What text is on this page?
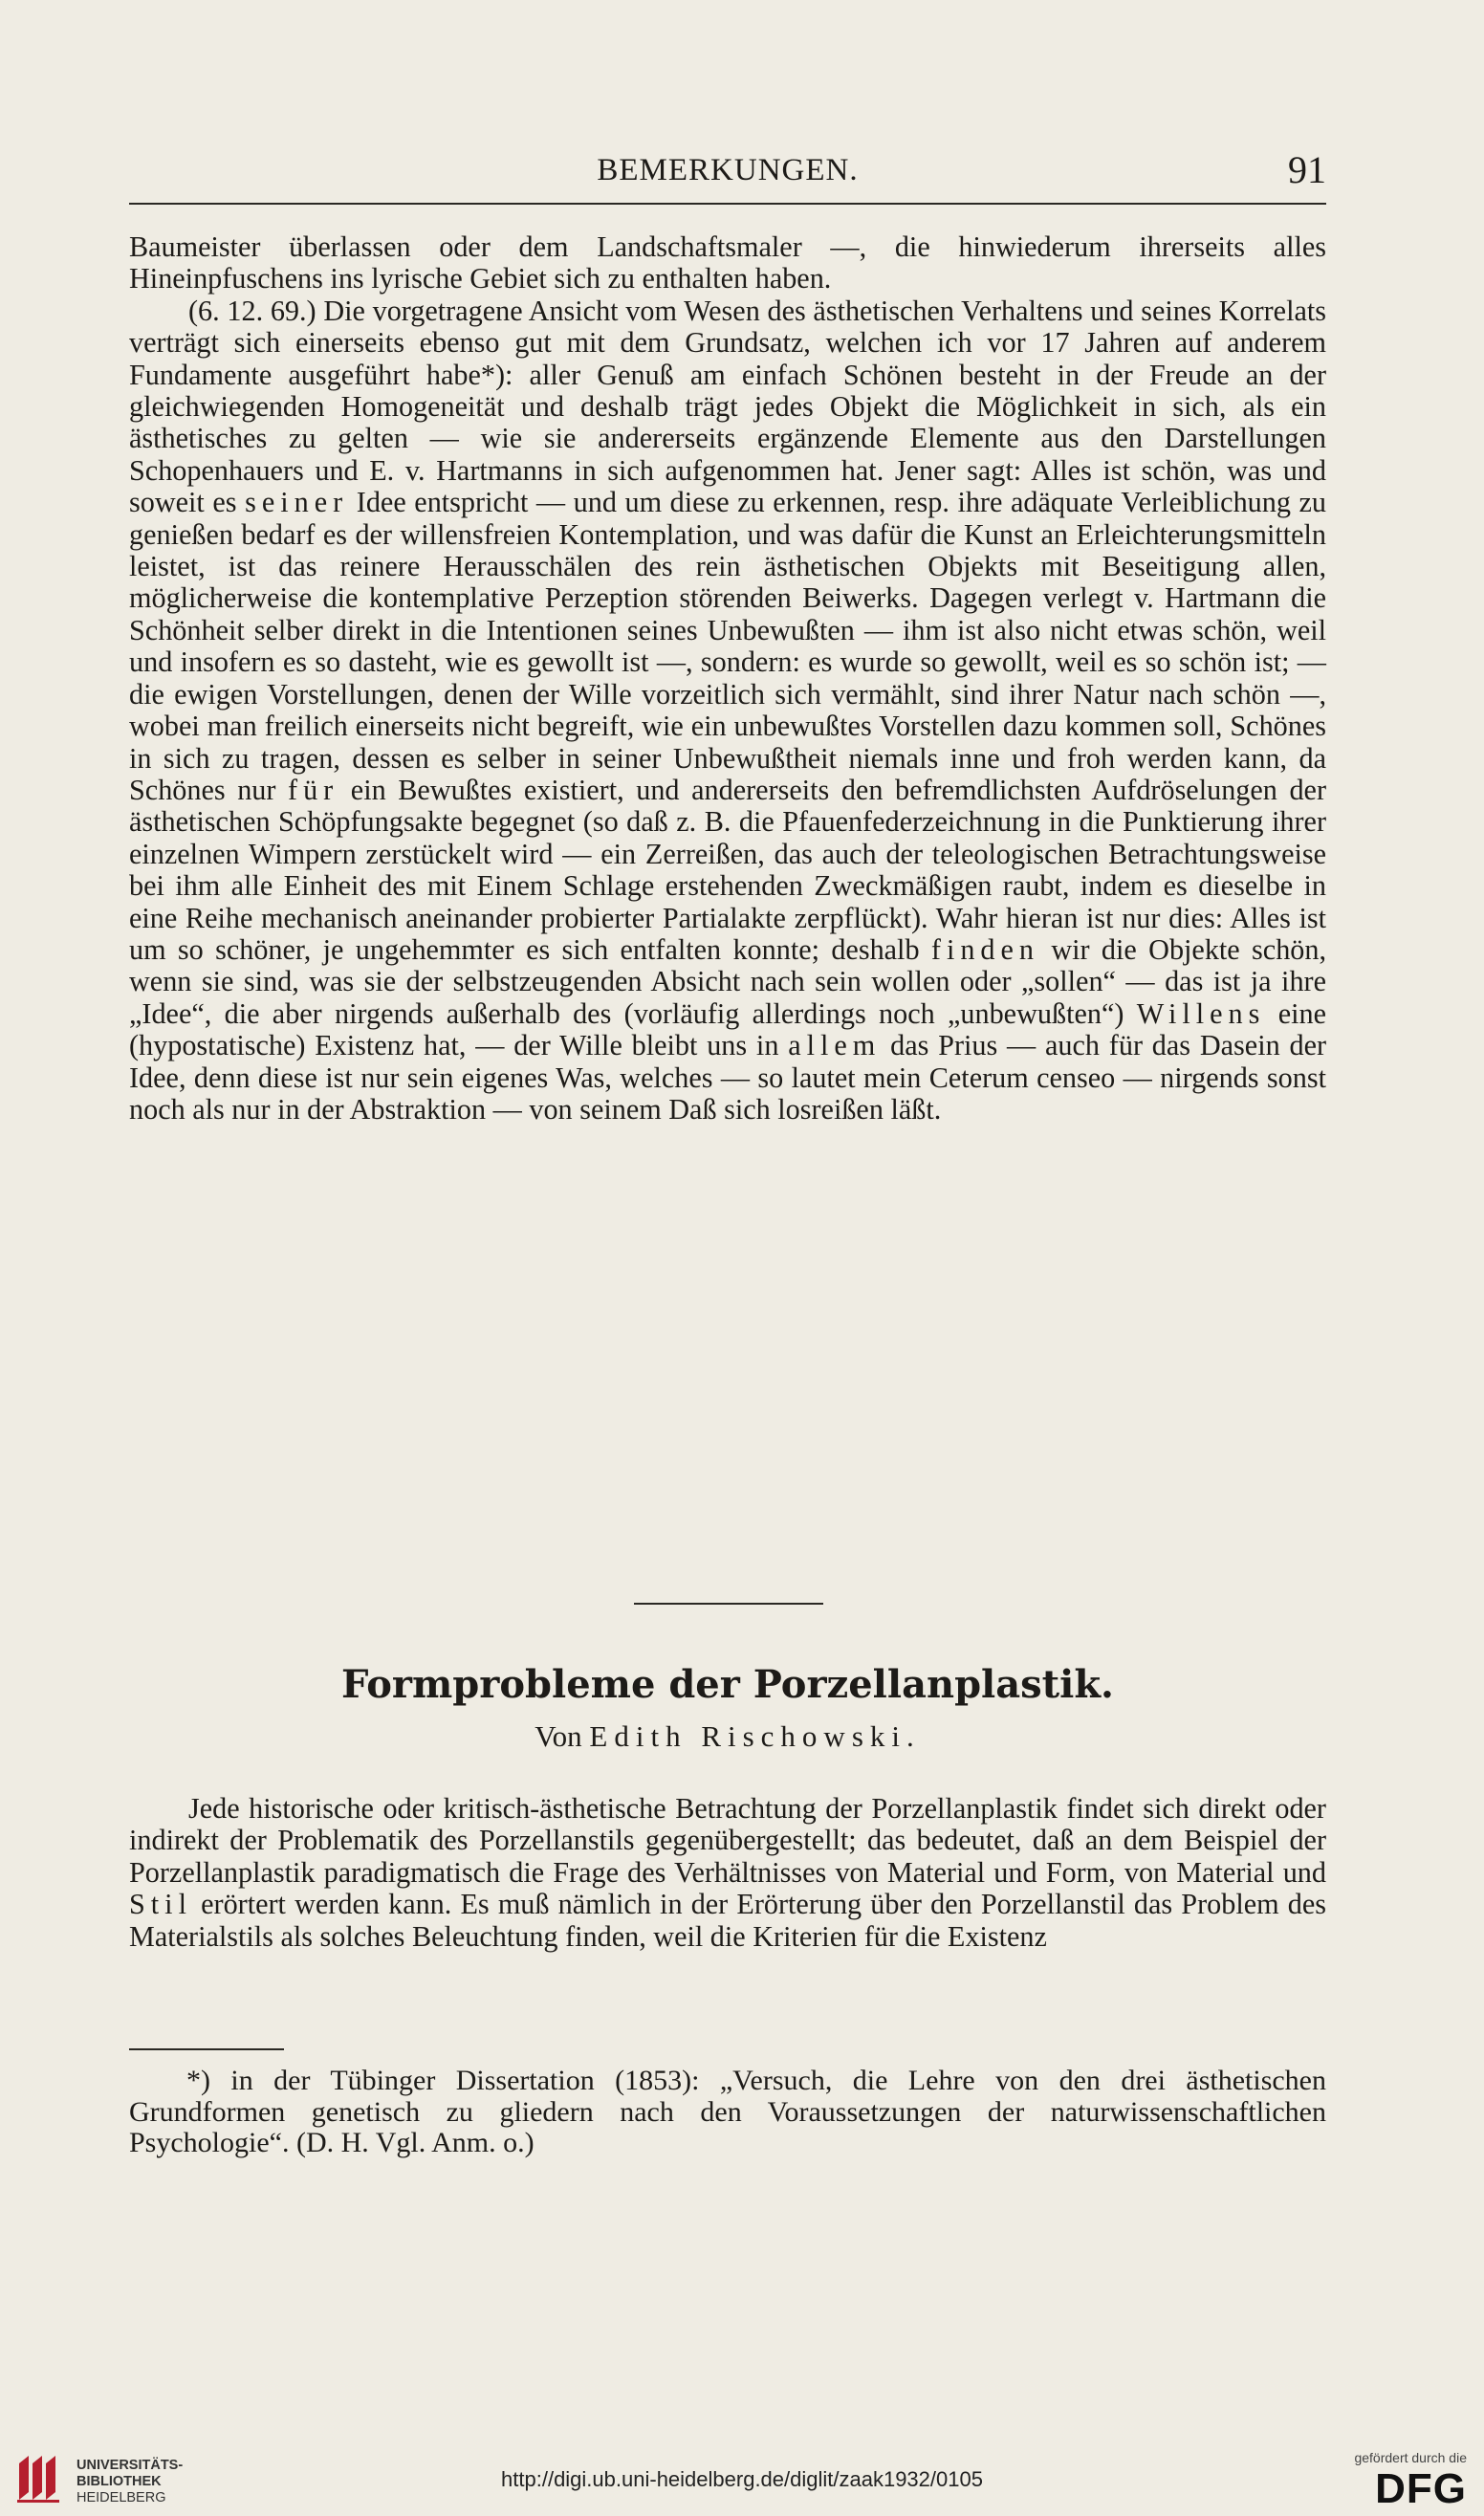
BEMERKUNGEN.	91

Baumeister überlassen oder dem Landschaftsmaler —, die hinwiederum ihrerseits alles Hineinpfuschens ins lyrische Gebiet sich zu enthalten haben.

(6. 12. 69.) Die vorgetragene Ansicht vom Wesen des ästhetischen Verhaltens und seines Korrelats verträgt sich einerseits ebenso gut mit dem Grundsatz, welchen ich vor 17 Jahren auf anderem Fundamente ausgeführt habe*): aller Genuß am einfach Schönen besteht in der Freude an der gleichwiegenden Homogeneität und deshalb trägt jedes Objekt die Möglichkeit in sich, als ein ästhetisches zu gelten — wie sie andererseits ergänzende Elemente aus den Darstellungen Schopenhauers und E. v. Hartmanns in sich aufgenommen hat. Jener sagt: Alles ist schön, was und soweit es seiner Idee entspricht — und um diese zu erkennen, resp. ihre adäquate Verleiblichung zu genießen bedarf es der willensfreien Kontemplation, und was dafür die Kunst an Erleichterungsmitteln leistet, ist das reinere Herausschälen des rein ästhetischen Objekts mit Beseitigung allen, möglicherweise die kontemplative Perzeption störenden Beiwerks. Dagegen verlegt v. Hartmann die Schönheit selber direkt in die Intentionen seines Unbewußten — ihm ist also nicht etwas schön, weil und insofern es so dasteht, wie es gewollt ist —, sondern: es wurde so gewollt, weil es so schön ist; — die ewigen Vorstellungen, denen der Wille vorzeitlich sich vermählt, sind ihrer Natur nach schön —, wobei man freilich einerseits nicht begreift, wie ein unbewußtes Vorstellen dazu kommen soll, Schönes in sich zu tragen, dessen es selber in seiner Unbewußtheit niemals inne und froh werden kann, da Schönes nur für ein Bewußtes existiert, und andererseits den befremdlichsten Aufdröselungen der ästhetischen Schöpfungsakte begegnet (so daß z. B. die Pfauenfederzeichnung in die Punktierung ihrer einzelnen Wimpern zerstückelt wird — ein Zerreißen, das auch der teleologischen Betrachtungsweise bei ihm alle Einheit des mit Einem Schlage erstehenden Zweckmäßigen raubt, indem es dieselbe in eine Reihe mechanisch aneinander probierter Partialakte zerpflückt). Wahr hieran ist nur dies: Alles ist um so schöner, je ungehemmter es sich entfalten konnte; deshalb finden wir die Objekte schön, wenn sie sind, was sie der selbstzeugenden Absicht nach sein wollen oder „sollen“ — das ist ja ihre „Idee“, die aber nirgends außerhalb des (vorläufig allerdings noch „unbewußten“) Willens eine (hypostatische) Existenz hat, — der Wille bleibt uns in allem das Prius — auch für das Dasein der Idee, denn diese ist nur sein eigenes Was, welches — so lautet mein Ceterum censeo — nirgends sonst noch als nur in der Abstraktion — von seinem Daß sich losreißen läßt.

Formprobleme der Porzellanplastik.
Von Edith Rischowski.

Jede historische oder kritisch-ästhetische Betrachtung der Porzellanplastik findet sich direkt oder indirekt der Problematik des Porzellanstils gegenübergestellt; das bedeutet, daß an dem Beispiel der Porzellanplastik paradigmatisch die Frage des Verhältnisses von Material und Form, von Material und Stil erörtert werden kann. Es muß nämlich in der Erörterung über den Porzellanstil das Problem des Materialstils als solches Beleuchtung finden, weil die Kriterien für die Existenz

*) in der Tübinger Dissertation (1853): „Versuch, die Lehre von den drei ästhetischen Grundformen genetisch zu gliedern nach den Voraussetzungen der naturwissenschaftlichen Psychologie“. (D. H. Vgl. Anm. o.)

UNIVERSITÄTS-
BIBLIOTHEK
HEIDELBERG
http://digi.ub.uni-heidelberg.de/diglit/zaak1932/0105
gefördert durch die
DFG
